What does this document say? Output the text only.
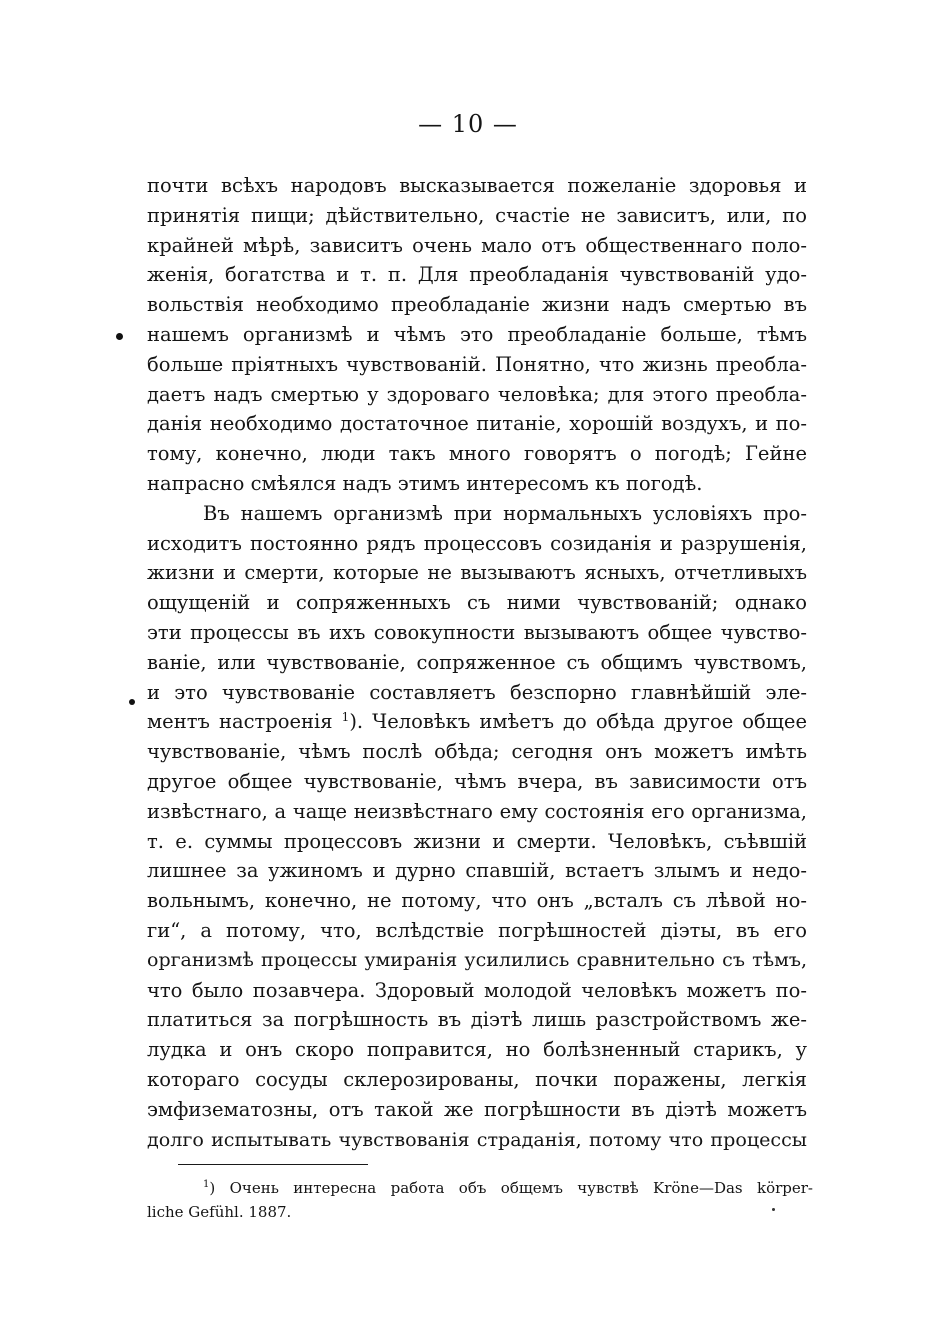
— 10 —
почти всѣхъ народовъ высказывается пожеланіе здоровья и
принятія пищи; дѣйствительно, счастіе не зависитъ, или, по
крайней мѣрѣ, зависитъ очень мало отъ общественнаго поло-
женія, богатства и т. п. Для преобладанія чувствованій удо-
вольствія необходимо преобладаніе жизни надъ смертью въ
нашемъ организмѣ и чѣмъ это преобладаніе больше, тѣмъ
больше пріятныхъ чувствованій. Понятно, что жизнь преобла-
даетъ надъ смертью у здороваго человѣка; для этого преобла-
данія необходимо достаточное питаніе, хорошій воздухъ, и по-
тому, конечно, люди такъ много говорятъ о погодѣ; Гейне
напрасно смѣялся надъ этимъ интересомъ къ погодѣ.
Въ нашемъ организмѣ при нормальныхъ условіяхъ про-
исходитъ постоянно рядъ процессовъ созиданія и разрушенія,
жизни и смерти, которые не вызываютъ ясныхъ, отчетливыхъ
ощущеній и сопряженныхъ съ ними чувствованій; однако
эти процессы въ ихъ совокупности вызываютъ общее чувство-
ваніе, или чувствованіе, сопряженное съ общимъ чувствомъ,
и это чувствованіе составляетъ безспорно главнѣйшій эле-
ментъ настроенія $^1$). Человѣкъ имѣетъ до обѣда другое общее
чувствованіе, чѣмъ послѣ обѣда; сегодня онъ можетъ имѣть
другое общее чувствованіе, чѣмъ вчера, въ зависимости отъ
извѣстнаго, а чаще неизвѣстнаго ему состоянія его организма,
т. е. суммы процессовъ жизни и смерти. Человѣкъ, съѣвшій
лишнее за ужиномъ и дурно спавшій, встаетъ злымъ и недо-
вольнымъ, конечно, не потому, что онъ „всталъ съ лѣвой но-
ги“, а потому, что, вслѣдствіе погрѣшностей діэты, въ его
организмѣ процессы умиранія усилились сравнительно съ тѣмъ,
что было позавчера. Здоровый молодой человѣкъ можетъ по-
платиться за погрѣшность въ діэтѣ лишь разстройствомъ же-
лудка и онъ скоро поправится, но болѣзненный старикъ, у
котораго сосуды склерозированы, почки поражены, легкія
эмфизематозны, отъ такой же погрѣшности въ діэтѣ можетъ
долго испытывать чувствованія страданія, потому что процессы
$^1$) Очень интересна работа объ общемъ чувствѣ Kröne—Das körper-
liche Gefühl. 1887.
